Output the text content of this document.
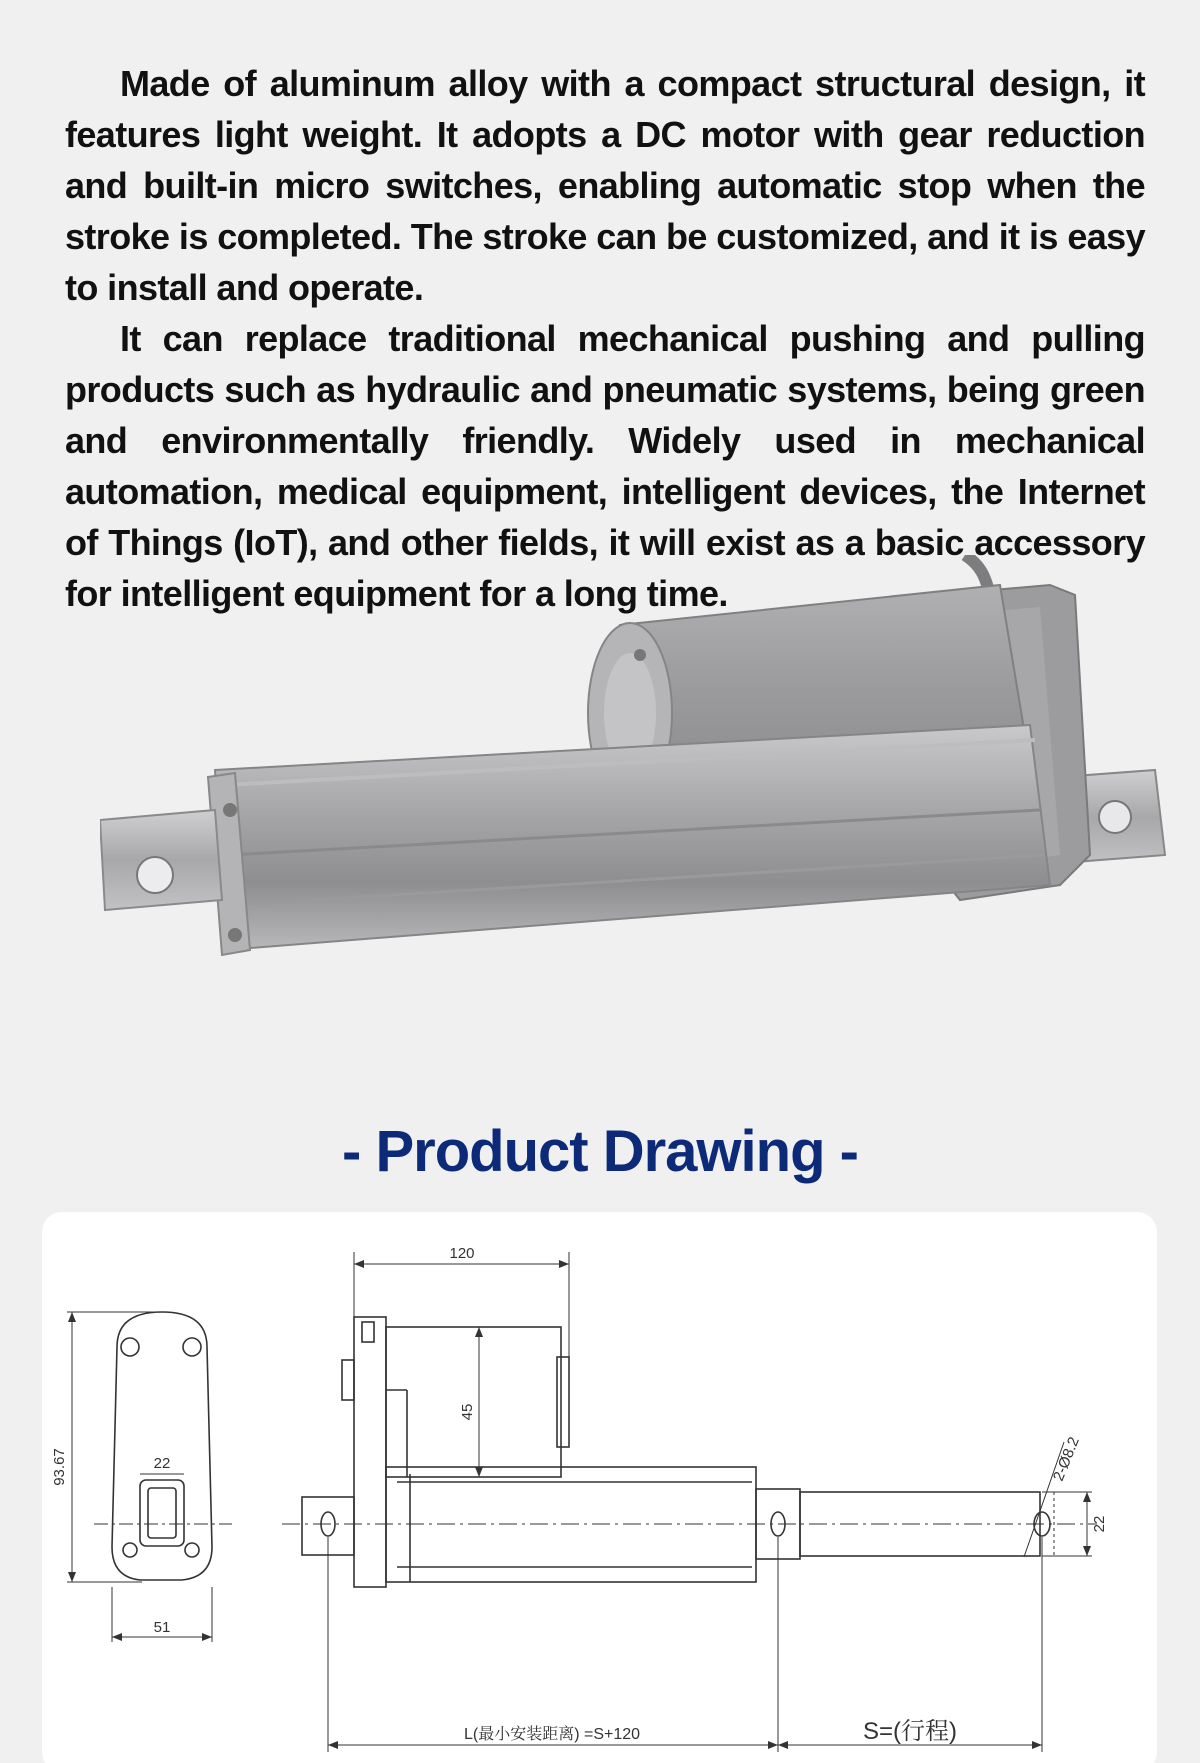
Made of aluminum alloy with a compact structural design, it features light weight. It adopts a DC motor with gear reduction and built-in micro switches, enabling automatic stop when the stroke is completed. The stroke can be customized, and it is easy to install and operate.

It can replace traditional mechanical pushing and pulling products such as hydraulic and pneumatic systems, being green and environmentally friendly. Widely used in mechanical automation, medical equipment, intelligent devices, the Internet of Things (IoT), and other fields, it will exist as a basic accessory for intelligent equipment for a long time.

- Product Drawing -
93.67
51
22
120
45
2-Ø8.2
22
L(最小安装距离) =S+120	S=(行程)
